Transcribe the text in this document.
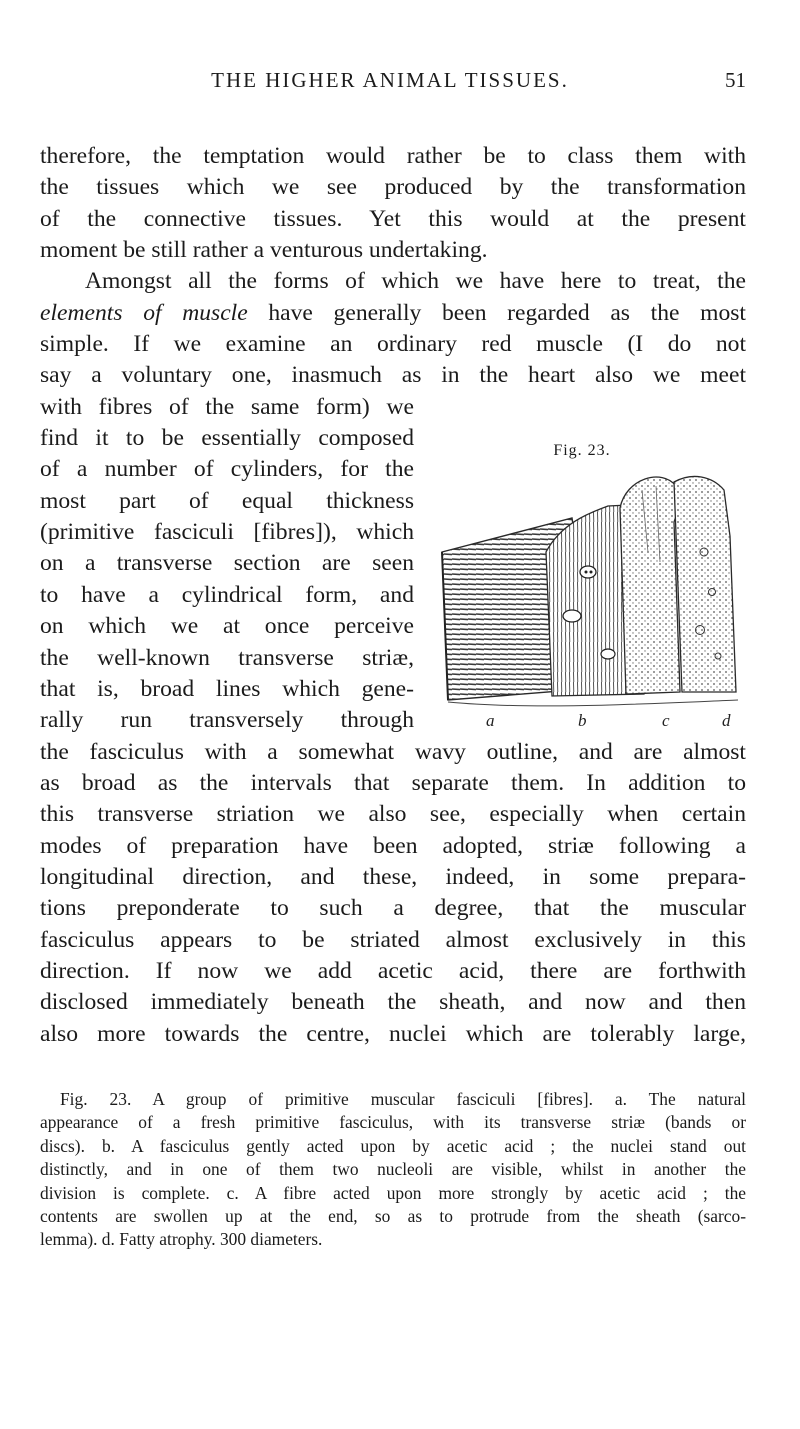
THE HIGHER ANIMAL TISSUES.	51
therefore, the temptation would rather be to class them with
the tissues which we see produced by the transformation
of the connective tissues. Yet this would at the present
moment be still rather a venturous undertaking.
Amongst all the forms of which we have here to treat, the
elements of muscle have generally been regarded as the most
simple. If we examine an ordinary red muscle (I do not
say a voluntary one, inasmuch as in the heart also we meet
with fibres of the same form) we
find it to be essentially composed
of a number of cylinders, for the
most part of equal thickness
(primitive fasciculi [fibres]), which
on a transverse section are seen
to have a cylindrical form, and
on which we at once perceive
the well-known transverse striæ,
that is, broad lines which gene-
rally run transversely through
the fasciculus with a somewhat wavy outline, and are almost
as broad as the intervals that separate them. In addition to
this transverse striation we also see, especially when certain
modes of preparation have been adopted, striæ following a
longitudinal direction, and these, indeed, in some prepara-
tions preponderate to such a degree, that the muscular
fasciculus appears to be striated almost exclusively in this
direction. If now we add acetic acid, there are forthwith
disclosed immediately beneath the sheath, and now and then
also more towards the centre, nuclei which are tolerably large,
Fig. 23.
a	b	c	d
Fig. 23. A group of primitive muscular fasciculi [fibres]. a. The natural
appearance of a fresh primitive fasciculus, with its transverse striæ (bands or
discs). b. A fasciculus gently acted upon by acetic acid ; the nuclei stand out
distinctly, and in one of them two nucleoli are visible, whilst in another the
division is complete. c. A fibre acted upon more strongly by acetic acid ; the
contents are swollen up at the end, so as to protrude from the sheath (sarco-
lemma). d. Fatty atrophy. 300 diameters.
